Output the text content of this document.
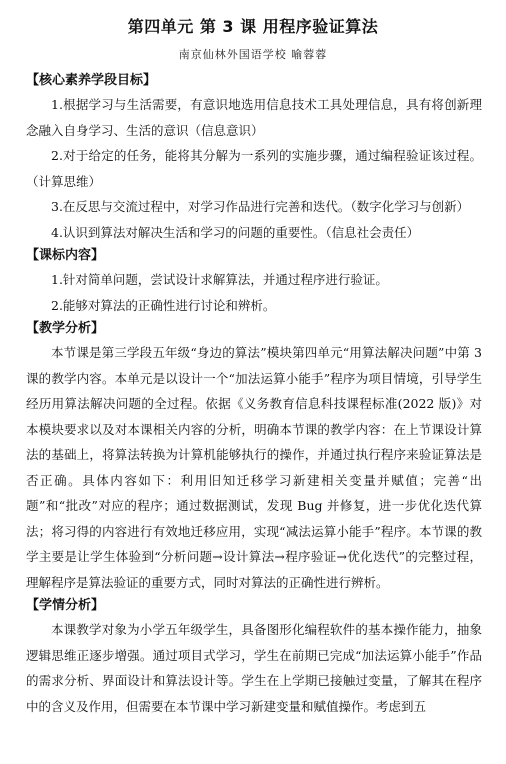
第四单元 第 3 课 用程序验证算法

南京仙林外国语学校 喻蓉蓉

【核心素养学段目标】

1.根据学习与生活需要，有意识地选用信息技术工具处理信息，具有将创新理念融入自身学习、生活的意识（信息意识）

2.对于给定的任务，能将其分解为一系列的实施步骤，通过编程验证该过程。（计算思维）

3.在反思与交流过程中，对学习作品进行完善和迭代。（数字化学习与创新）

4.认识到算法对解决生活和学习的问题的重要性。（信息社会责任）

【课标内容】

1.针对简单问题，尝试设计求解算法，并通过程序进行验证。

2.能够对算法的正确性进行讨论和辨析。

【教学分析】

本节课是第三学段五年级“身边的算法”模块第四单元“用算法解决问题”中第 3 课的教学内容。本单元是以设计一个“加法运算小能手”程序为项目情境，引导学生经历用算法解决问题的全过程。依据《义务教育信息科技课程标准(2022 版)》对本模块要求以及对本课相关内容的分析，明确本节课的教学内容：在上节课设计算法的基础上，将算法转换为计算机能够执行的操作，并通过执行程序来验证算法是否正确。具体内容如下：利用旧知迁移学习新建相关变量并赋值；完善“出题”和“批改”对应的程序；通过数据测试，发现 Bug 并修复，进一步优化迭代算法；将习得的内容进行有效地迁移应用，实现“减法运算小能手”程序。本节课的教学主要是让学生体验到“分析问题→设计算法→程序验证→优化迭代”的完整过程，理解程序是算法验证的重要方式，同时对算法的正确性进行辨析。

【学情分析】

本课教学对象为小学五年级学生，具备图形化编程软件的基本操作能力，抽象逻辑思维正逐步增强。通过项目式学习，学生在前期已完成“加法运算小能手”作品的需求分析、界面设计和算法设计等。学生在上学期已接触过变量，了解其在程序中的含义及作用，但需要在本节课中学习新建变量和赋值操作。考虑到五
